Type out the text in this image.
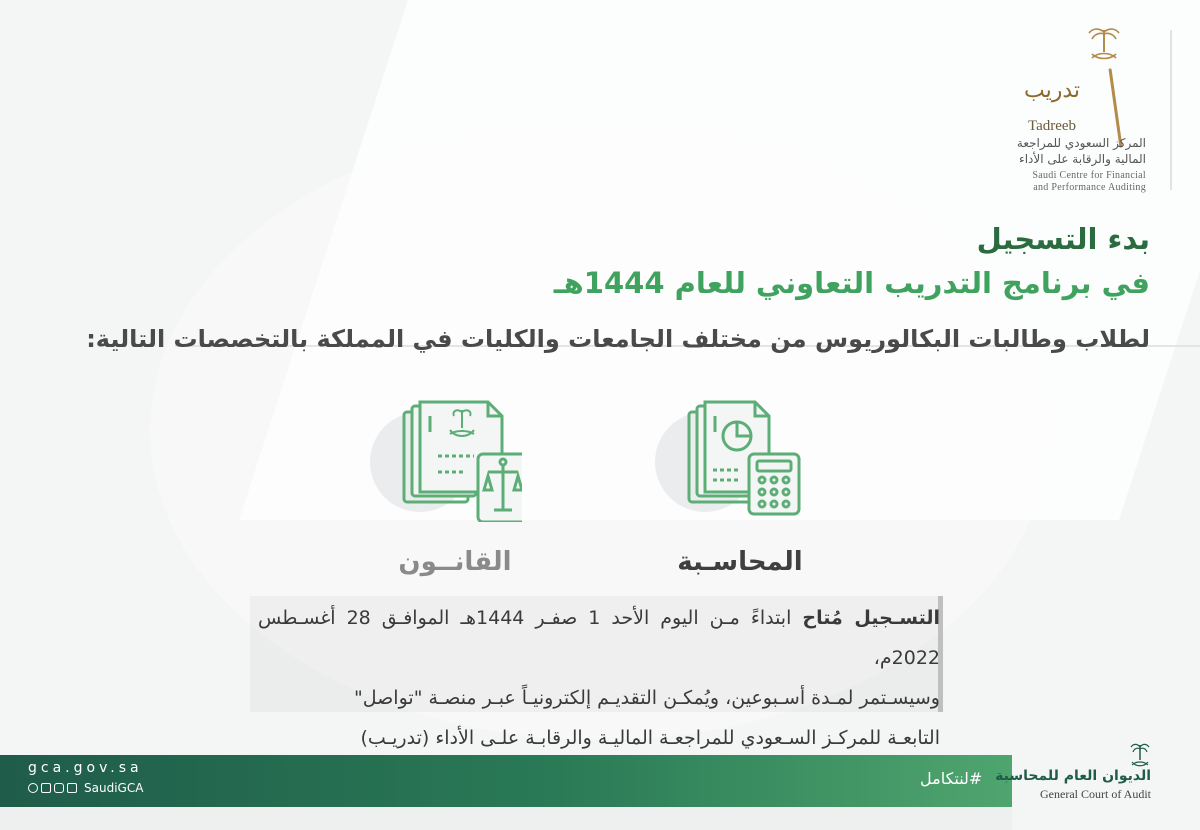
تدريب
Tadreeb
المركز السعودي للمراجعة
المالية والرقابة على الأداء
Saudi Centre for Financial
and Performance Auditing
بدء التسجيل
في برنامج التدريب التعاوني للعام 1444هـ
لطلاب وطالبات البكالوريوس من مختلف الجامعات والكليات في المملكة بالتخصصات التالية:
المحاسـبة
القانــون
التسـجيل مُتاح ابتداءً مـن اليوم الأحد 1 صفـر 1444هـ الموافـق 28 أغسـطس 2022م،
وسيسـتمر لمـدة أسـبوعين، ويُمكـن التقديـم إلكترونيـاً عبـر منصـة "تواصل"
التابعـة للمركـز السـعودي للمراجعـة الماليـة والرقابـة علـى الأداء (تدريـب)
gca.gov.sa
SaudiGCA	#لنتكامل الديوان العام للمحاسبة
General Court of Audit
